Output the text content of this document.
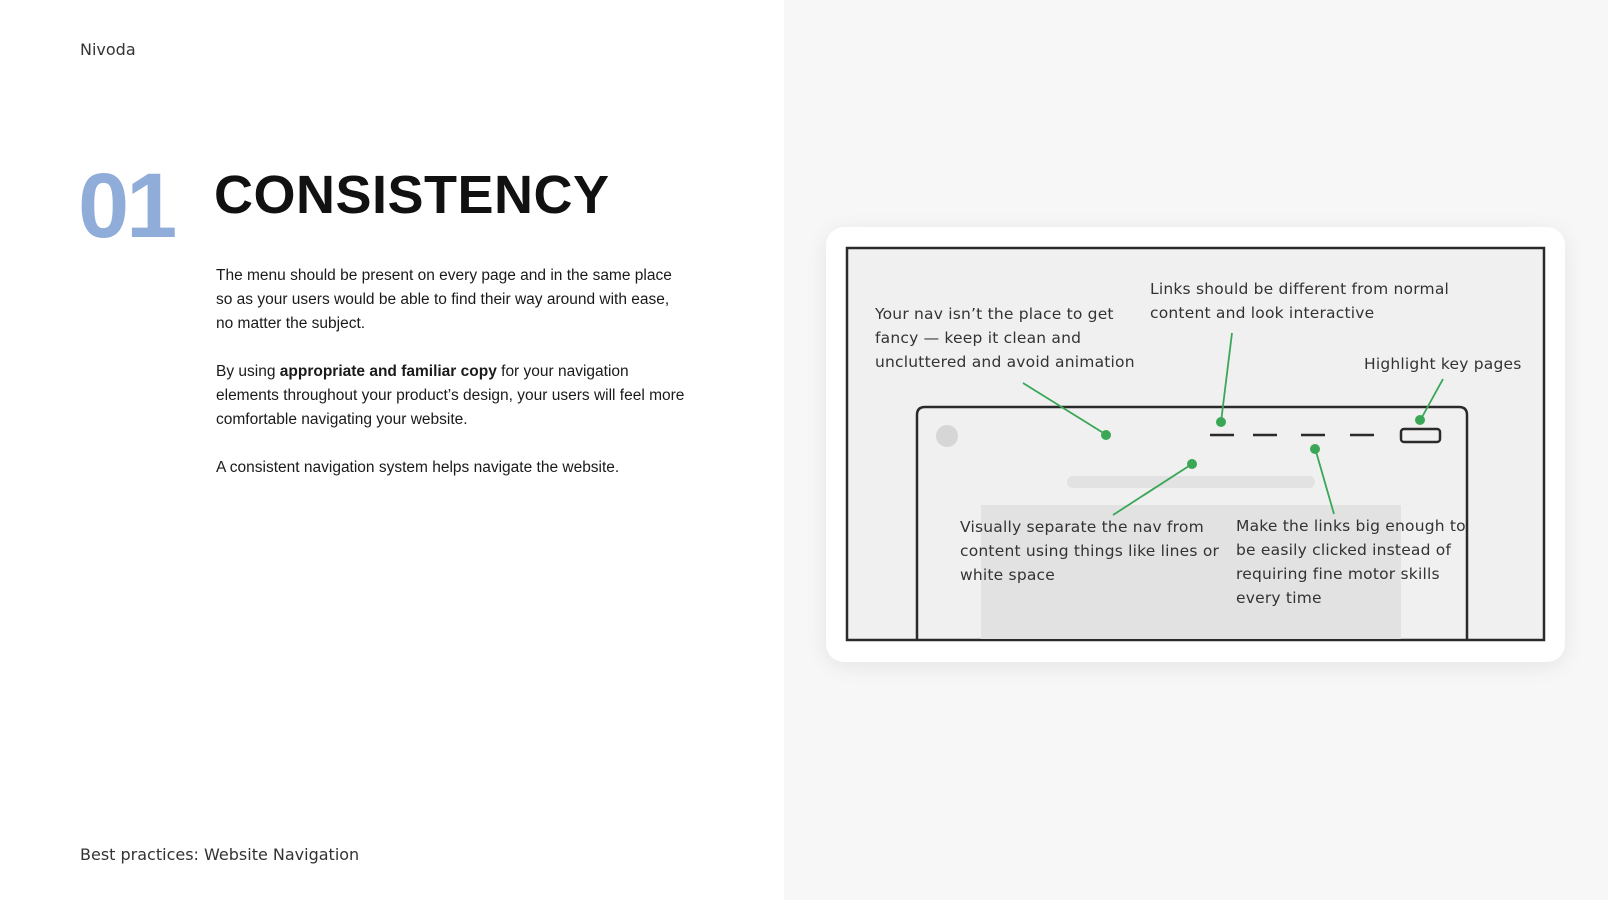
Nivoda
01 CONSISTENCY

The menu should be present on every page and in the same place so as your users would be able to find their way around with ease, no matter the subject.

By using appropriate and familiar copy for your navigation elements throughout your product’s design, your users will feel more comfortable navigating your website.

A consistent navigation system helps navigate the website.

Best practices: Website Navigation

Your nav isn’t the place to get fancy — keep it clean and uncluttered and avoid animation

Links should be different from normal content and look interactive

Highlight key pages

Visually separate the nav from content using things like lines or white space

Make the links big enough to be easily clicked instead of requiring fine motor skills every time
